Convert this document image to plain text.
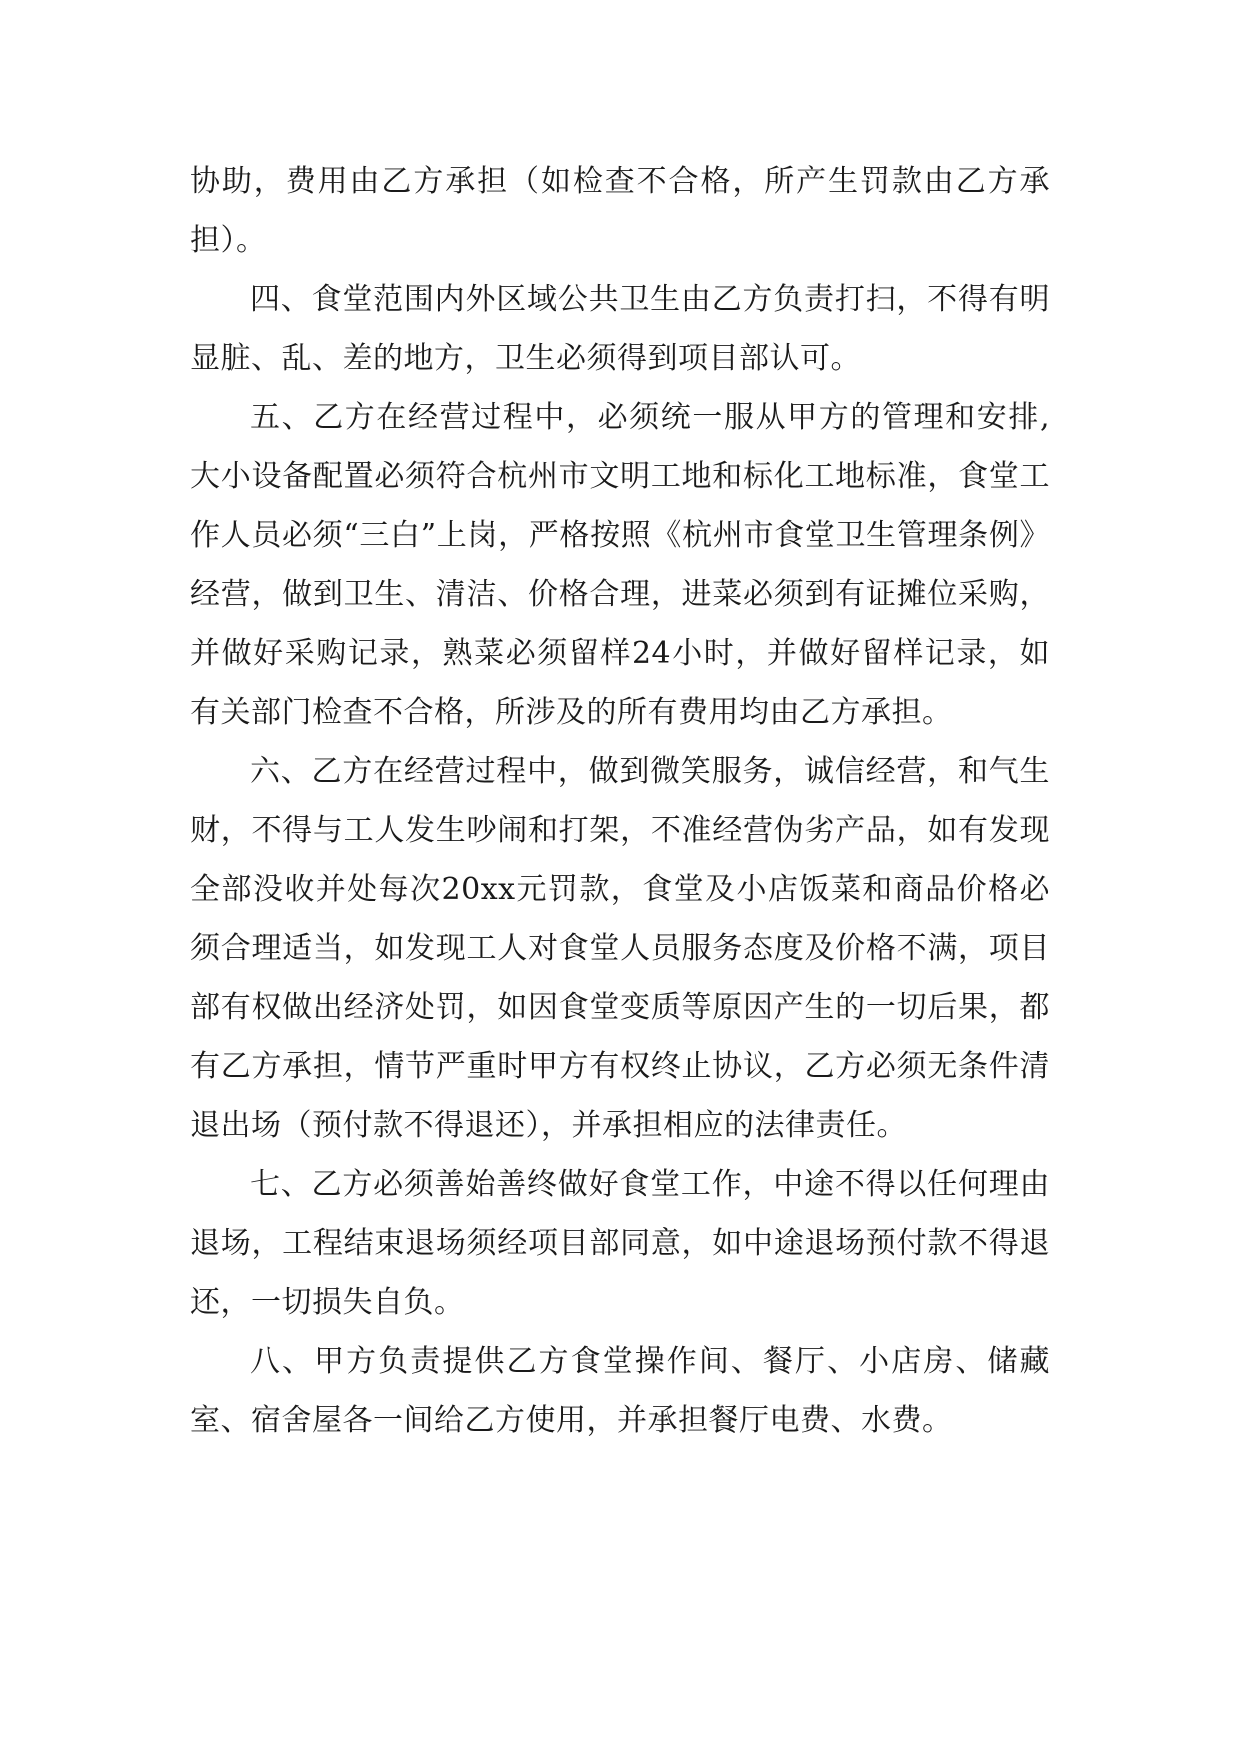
协助，费用由乙方承担（如检查不合格，所产生罚款由乙方承担）。

四、食堂范围内外区域公共卫生由乙方负责打扫，不得有明显脏、乱、差的地方，卫生必须得到项目部认可。

五、乙方在经营过程中，必须统一服从甲方的管理和安排,大小设备配置必须符合杭州市文明工地和标化工地标准，食堂工作人员必须“三白”上岗，严格按照《杭州市食堂卫生管理条例》经营，做到卫生、清洁、价格合理，进菜必须到有证摊位采购，并做好采购记录，熟菜必须留样24小时，并做好留样记录，如有关部门检查不合格，所涉及的所有费用均由乙方承担。

六、乙方在经营过程中，做到微笑服务，诚信经营，和气生财，不得与工人发生吵闹和打架，不准经营伪劣产品，如有发现全部没收并处每次20xx元罚款，食堂及小店饭菜和商品价格必须合理适当，如发现工人对食堂人员服务态度及价格不满，项目部有权做出经济处罚，如因食堂变质等原因产生的一切后果，都有乙方承担，情节严重时甲方有权终止协议，乙方必须无条件清退出场（预付款不得退还），并承担相应的法律责任。

七、乙方必须善始善终做好食堂工作，中途不得以任何理由退场，工程结束退场须经项目部同意，如中途退场预付款不得退还，一切损失自负。

八、甲方负责提供乙方食堂操作间、餐厅、小店房、储藏室、宿舍屋各一间给乙方使用，并承担餐厅电费、水费。
